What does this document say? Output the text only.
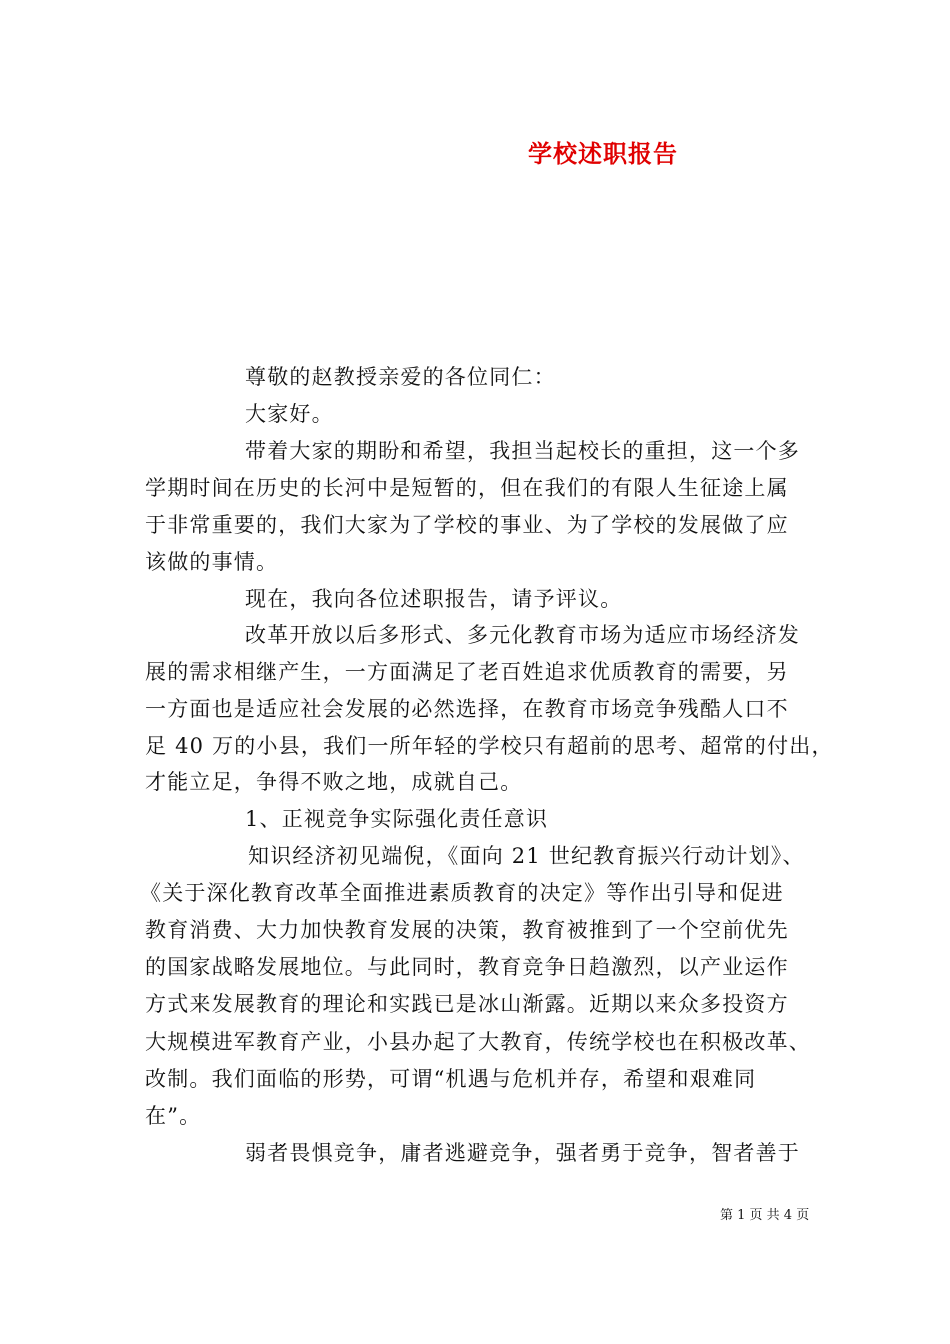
学校述职报告
尊敬的赵教授亲爱的各位同仁：
大家好。
带着大家的期盼和希望，我担当起校长的重担，这一个多
学期时间在历史的长河中是短暂的，但在我们的有限人生征途上属
于非常重要的，我们大家为了学校的事业、为了学校的发展做了应
该做的事情。
现在，我向各位述职报告，请予评议。
改革开放以后多形式、多元化教育市场为适应市场经济发
展的需求相继产生，一方面满足了老百姓追求优质教育的需要，另
一方面也是适应社会发展的必然选择，在教育市场竞争残酷人口不
足 40 万的小县，我们一所年轻的学校只有超前的思考、超常的付出，
才能立足，争得不败之地，成就自己。
1、正视竞争实际强化责任意识
知识经济初见端倪，《面向 21 世纪教育振兴行动计划》、
《关于深化教育改革全面推进素质教育的决定》等作出引导和促进
教育消费、大力加快教育发展的决策，教育被推到了一个空前优先
的国家战略发展地位。与此同时，教育竞争日趋激烈，以产业运作
方式来发展教育的理论和实践已是冰山渐露。近期以来众多投资方
大规模进军教育产业，小县办起了大教育，传统学校也在积极改革、
改制。我们面临的形势，可谓“机遇与危机并存，希望和艰难同
在”。
弱者畏惧竞争，庸者逃避竞争，强者勇于竞争，智者善于
第 1 页 共 4 页
